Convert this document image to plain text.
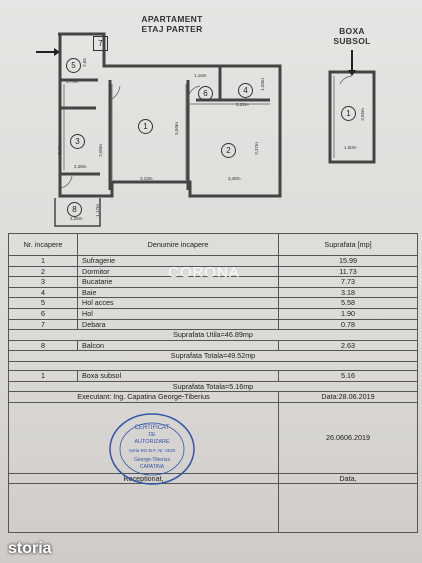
APARTAMENT
ETAJ PARTER	BOXA
SUBSOL
1,70m
2,85
1,16m
1,50m
2,22m
5,50m
3,41m
2,28m
2,09m
3,13m	3,48m
3,37m
2,25m
1,17m
3,55m
1,50m
1
2
3
4
5
6
7
8
1
Nr. incapere	Denumire incapere	Suprafata [mp]
1	Sufragerie	15.99
2	Dormitor	11.73
3	Bucatarie	7.73
4	Baie	3.18
5	Hol acces	5.58
6	Hol	1.90
7	Debara	0.78
Suprafata Utila=46.89mp		
8	Balcon	2.63
Suprafata Totala=49.52mp		

1	Boxa subsol	5.16
Suprafata Totala=5.16mp		
Executant: Ing. Capatina George-Tiberius		Data:28.06.2019
		26.0606.2019
Receptionat,		Data,

CORONA
CERTIFICAT
DE
AUTORIZARE
Seria RO-B-F, Nr. 0530
George-Tiberius
CAPATINA
storia
